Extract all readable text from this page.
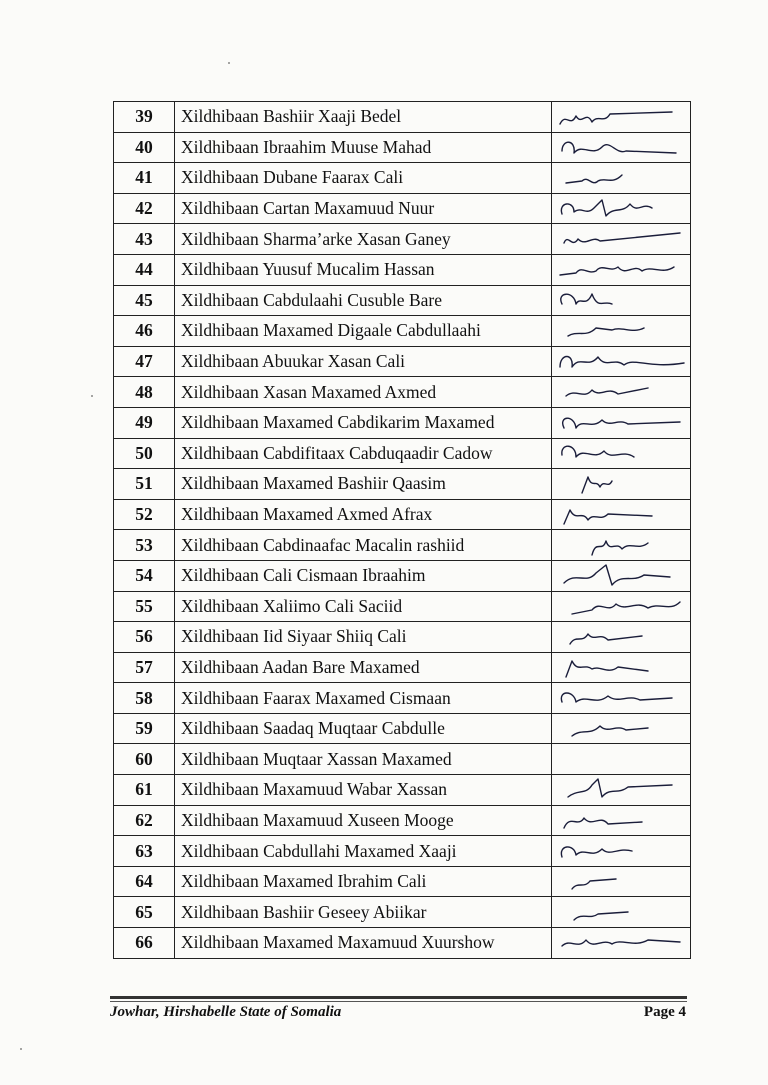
39	Xildhibaan Bashiir Xaaji Bedel	

40	Xildhibaan Ibraahim Muuse Mahad	

41	Xildhibaan Dubane Faarax Cali	

42	Xildhibaan Cartan Maxamuud Nuur	

43	Xildhibaan Sharma’arke Xasan Ganey	

44	Xildhibaan Yuusuf Mucalim Hassan	

45	Xildhibaan Cabdulaahi Cusuble Bare	

46	Xildhibaan Maxamed Digaale Cabdullaahi	

47	Xildhibaan Abuukar Xasan Cali	

48	Xildhibaan Xasan Maxamed Axmed	

49	Xildhibaan Maxamed Cabdikarim Maxamed	

50	Xildhibaan Cabdifitaax Cabduqaadir Cadow	

51	Xildhibaan Maxamed Bashiir Qaasim	

52	Xildhibaan Maxamed Axmed Afrax	

53	Xildhibaan Cabdinaafac Macalin rashiid	

54	Xildhibaan Cali Cismaan Ibraahim	

55	Xildhibaan Xaliimo Cali Saciid	

56	Xildhibaan Iid Siyaar Shiiq Cali	

57	Xildhibaan Aadan Bare Maxamed	

58	Xildhibaan Faarax Maxamed Cismaan	

59	Xildhibaan Saadaq Muqtaar Cabdulle	

60	Xildhibaan Muqtaar Xassan Maxamed	
61	Xildhibaan Maxamuud Wabar Xassan	

62	Xildhibaan Maxamuud Xuseen Mooge	

63	Xildhibaan Cabdullahi Maxamed Xaaji	

64	Xildhibaan Maxamed Ibrahim Cali	

65	Xildhibaan Bashiir Geseey Abiikar	

66	Xildhibaan Maxamed Maxamuud Xuurshow	
Jowhar, Hirshabelle State of Somalia	Page 4
